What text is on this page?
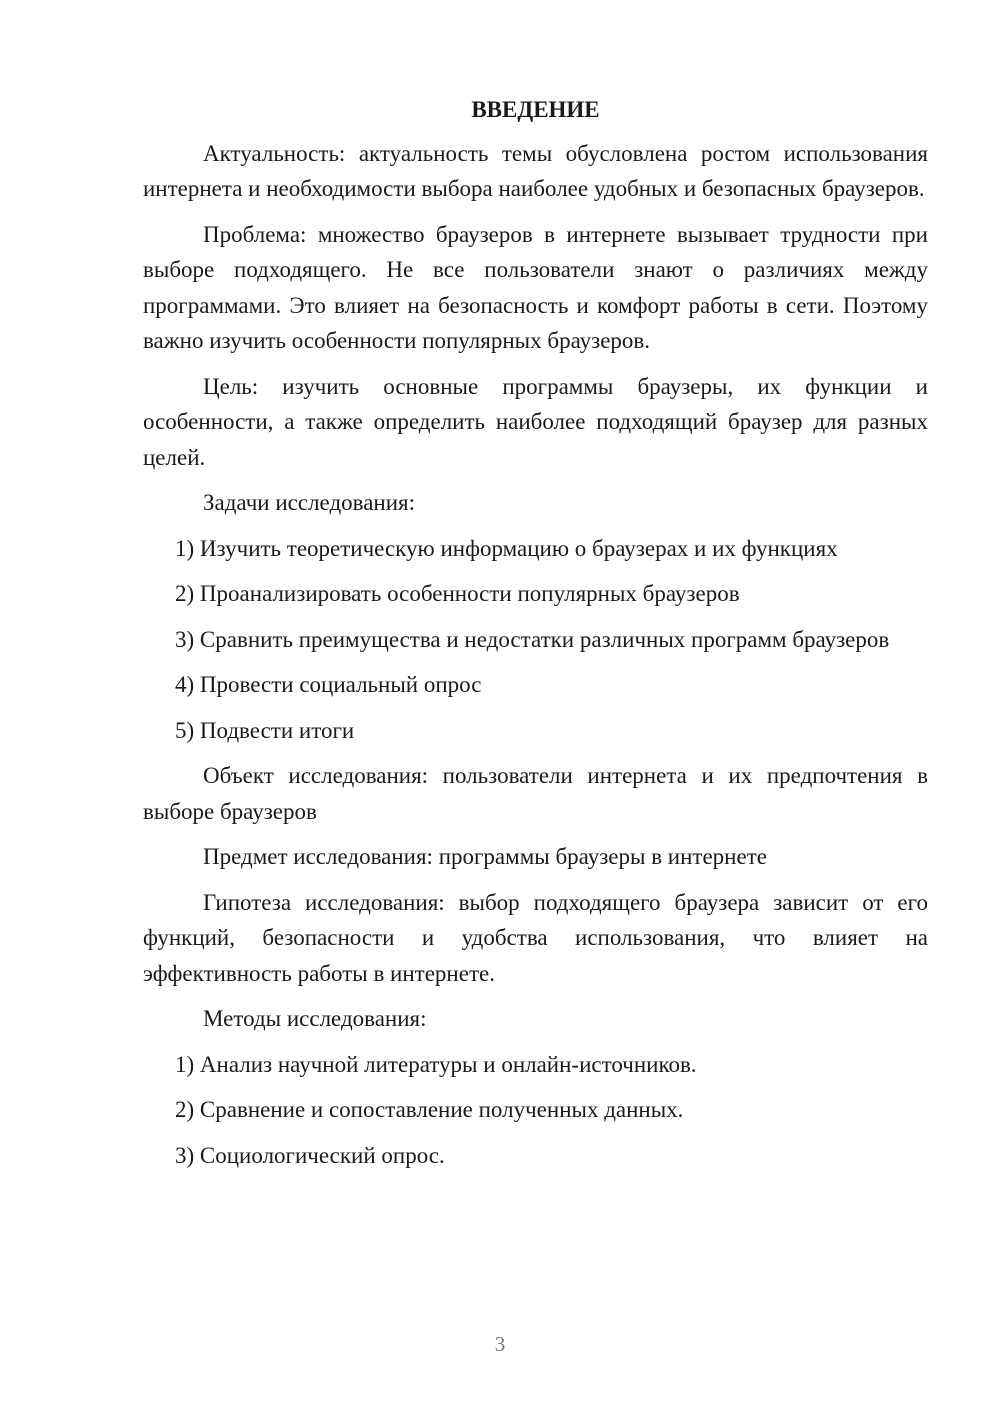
ВВЕДЕНИЕ

Актуальность: актуальность темы обусловлена ростом использования интернета и необходимости выбора наиболее удобных и безопасных браузеров.

Проблема: множество браузеров в интернете вызывает трудности при выборе подходящего. Не все пользователи знают о различиях между программами. Это влияет на безопасность и комфорт работы в сети. Поэтому важно изучить особенности популярных браузеров.

Цель: изучить основные программы браузеры, их функции и особенности, а также определить наиболее подходящий браузер для разных целей.

Задачи исследования:

1) Изучить теоретическую информацию о браузерах и их функциях

2) Проанализировать особенности популярных браузеров

3) Сравнить преимущества и недостатки различных программ браузеров

4) Провести социальный опрос

5) Подвести итоги

Объект исследования: пользователи интернета и их предпочтения в выборе браузеров

Предмет исследования: программы браузеры в интернете

Гипотеза исследования: выбор подходящего браузера зависит от его функций, безопасности и удобства использования, что влияет на эффективность работы в интернете.

Методы исследования:

1) Анализ научной литературы и онлайн-источников.

2) Сравнение и сопоставление полученных данных.

3) Социологический опрос.

3
